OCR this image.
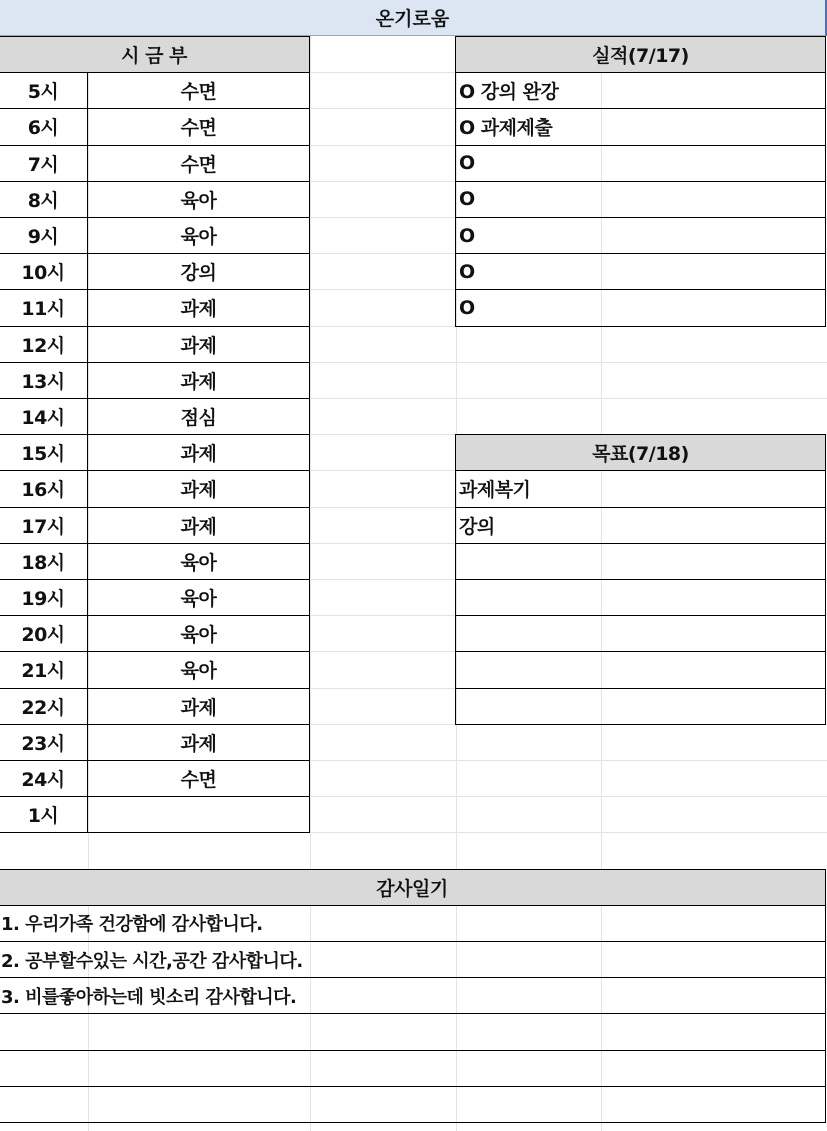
온기로움
시 금 부
5시	수면
6시	수면
7시	수면
8시	육아
9시	육아
10시	강의
11시	과제
12시	과제
13시	과제
14시	점심
15시	과제
16시	과제
17시	과제
18시	육아
19시	육아
20시	육아
21시	육아
22시	과제
23시	과제
24시	수면
1시
실적(7/17)
O 강의 완강
O 과제제출
O
O
O
O
O
목표(7/18)
과제복기
강의
감사일기
1. 우리가족 건강함에 감사합니다.
2. 공부할수있는 시간,공간 감사합니다.
3. 비를좋아하는데 빗소리 감사합니다.
